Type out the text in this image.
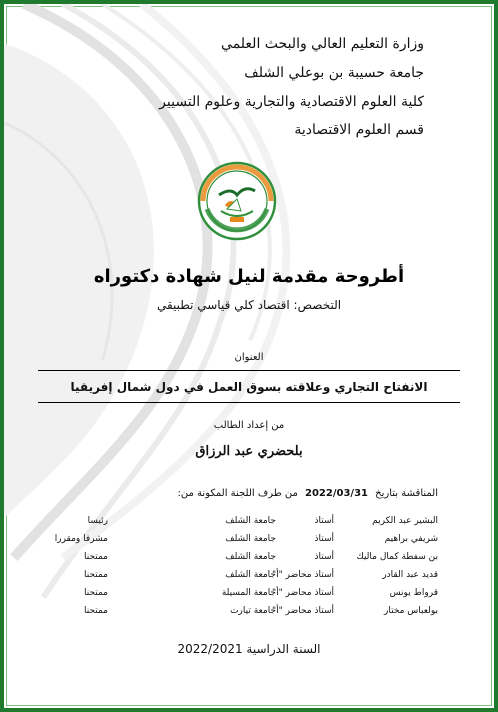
وزارة التعليم العالي والبحث العلمي
جامعة حسيبة بن بوعلي الشلف
كلية العلوم الاقتصادية والتجارية وعلوم التسيير
قسم العلوم الاقتصادية
أطروحة مقدمة لنيل شهادة دكتوراه
التخصص: اقتصاد كلي قياسي تطبيقي
العنوان
الانفتاح التجاري وعلاقته بسوق العمل في دول شمال إفريقيا
من إعداد الطالب
بلحضري عبد الرزاق
المناقشة بتاريخ 2022/03/31 من طرف اللجنة المكونة من:
البشير عبد الكريم
أستاذ
جامعة الشلف
رئيسا
شريفي براهيم
أستاذ
جامعة الشلف
مشرفا ومقررا
بن سفطة كمال ماليك
أستاذ
جامعة الشلف
ممتحنا
قديد عبد القادر
أستاذ محاضر "أ"
جامعة الشلف
ممتحنا
قرواط يونس
أستاذ محاضر "أ"
جامعة المسيلة
ممتحنا
بولعباس مختار
أستاذ محاضر "أ"
جامعة تيارت
ممتحنا
السنة الدراسية 2022/2021
